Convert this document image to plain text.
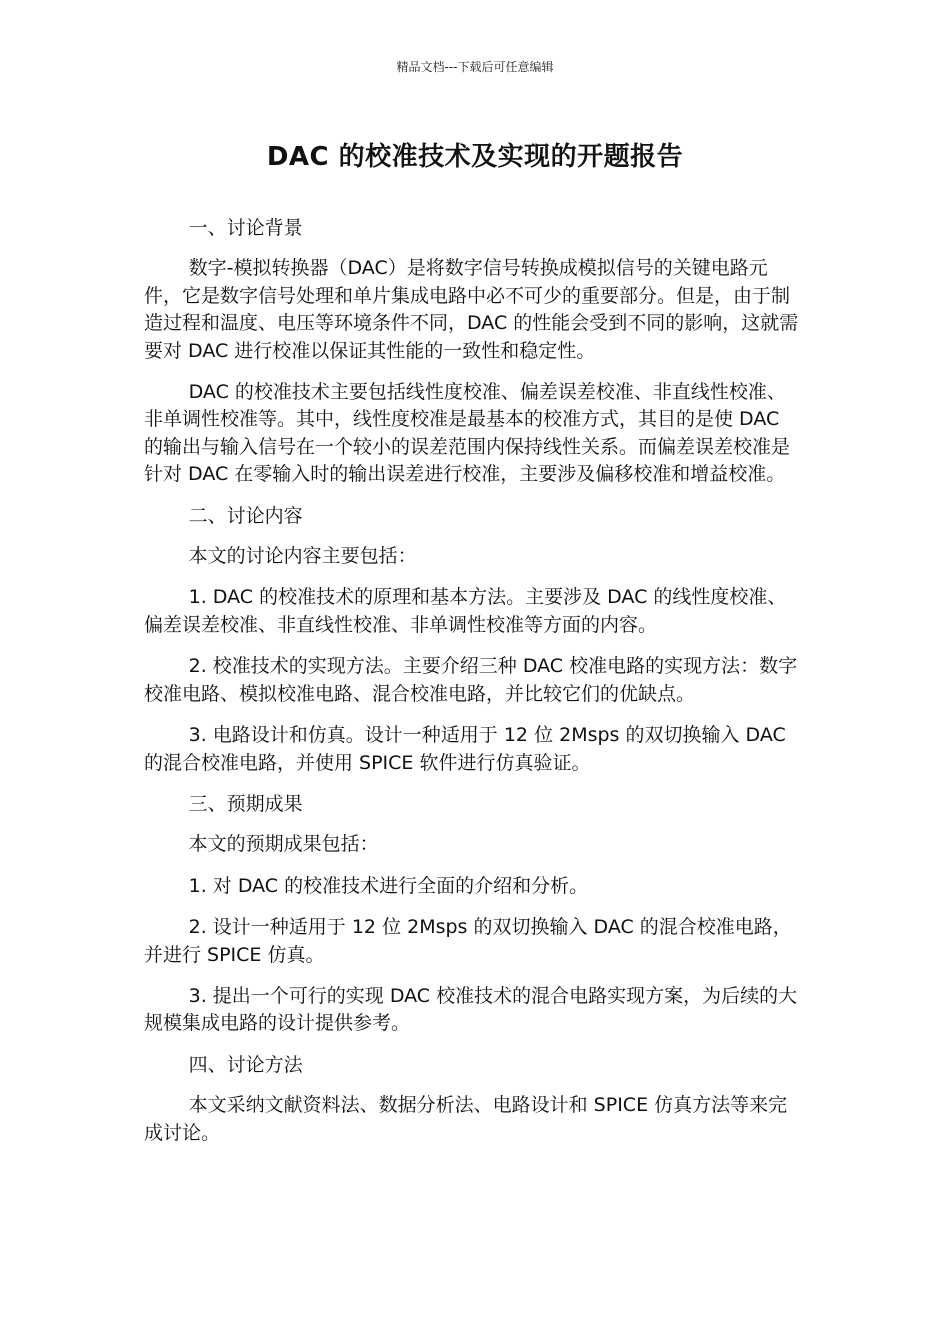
精品文档---下载后可任意编辑
DAC 的校准技术及实现的开题报告

一、讨论背景

数字-模拟转换器（DAC）是将数字信号转换成模拟信号的关键电路元件，它是数字信号处理和单片集成电路中必不可少的重要部分。但是，由于制造过程和温度、电压等环境条件不同，DAC 的性能会受到不同的影响，这就需要对 DAC 进行校准以保证其性能的一致性和稳定性。

DAC 的校准技术主要包括线性度校准、偏差误差校准、非直线性校准、非单调性校准等。其中，线性度校准是最基本的校准方式，其目的是使 DAC 的输出与输入信号在一个较小的误差范围内保持线性关系。而偏差误差校准是针对 DAC 在零输入时的输出误差进行校准，主要涉及偏移校准和增益校准。

二、讨论内容

本文的讨论内容主要包括：

1. DAC 的校准技术的原理和基本方法。主要涉及 DAC 的线性度校准、偏差误差校准、非直线性校准、非单调性校准等方面的内容。

2. 校准技术的实现方法。主要介绍三种 DAC 校准电路的实现方法：数字校准电路、模拟校准电路、混合校准电路，并比较它们的优缺点。

3. 电路设计和仿真。设计一种适用于 12 位 2Msps 的双切换输入 DAC 的混合校准电路，并使用 SPICE 软件进行仿真验证。

三、预期成果

本文的预期成果包括：

1. 对 DAC 的校准技术进行全面的介绍和分析。

2. 设计一种适用于 12 位 2Msps 的双切换输入 DAC 的混合校准电路，并进行 SPICE 仿真。

3. 提出一个可行的实现 DAC 校准技术的混合电路实现方案，为后续的大规模集成电路的设计提供参考。

四、讨论方法

本文采纳文献资料法、数据分析法、电路设计和 SPICE 仿真方法等来完成讨论。
